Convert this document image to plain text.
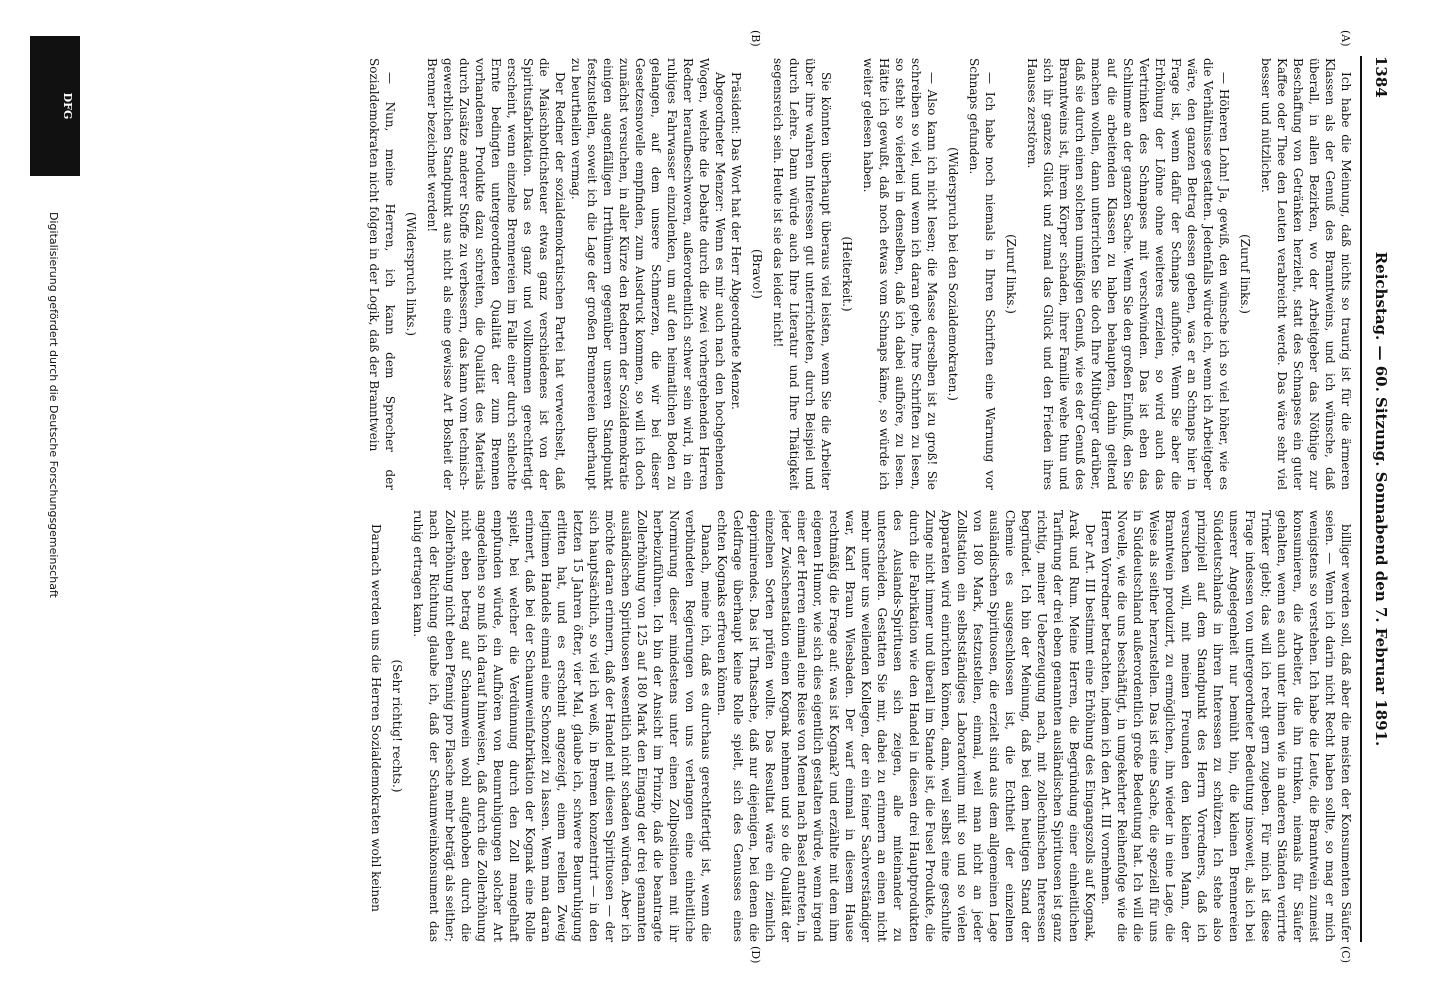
1384
Reichstag. — 60. Sitzung. Sonnabend den 7. Februar 1891.
(A)
(B)
(C)
(D)

Ich habe die Meinung, daß nichts so traurig ist für die ärmeren Klassen als der Genuß des Branntweins, und ich wünsche, daß überall, in allen Bezirken, wo der Arbeitgeber das Nöthige zur Beschaffung von Getränken herzieht, statt des Schnapses ein guter Kaffee oder Thee den Leuten verabreicht werde. Das wäre sehr viel besser und nützlicher.

(Zuruf links.)

— Höheren Lohn! Ja, gewiß, den wünsche ich so viel höher, wie es die Verhältnisse gestatten. Jedenfalls würde ich, wenn ich Arbeitgeber wäre, den ganzen Betrag dessen geben, was er an Schnaps hier in Frage ist, wenn dafür der Schnaps aufhörte. Wenn Sie aber die Erhöhung der Löhne ohne weiteres erzielen, so wird auch das Vertrinken des Schnapses mit verschwinden. Das ist eben das Schlimme an der ganzen Sache. Wenn Sie den großen Einfluß, den Sie auf die arbeitenden Klassen zu haben behaupten, dahin geltend machen wollen, dann unterrichten Sie doch Ihre Mitbürger darüber, daß sie durch einen solchen unmäßigen Genuß, wie es der Genuß des Branntweins ist, ihrem Körper schaden, ihrer Familie wehe thun und sich ihr ganzes Glück und zumal das Glück und den Frieden ihres Hauses zerstören.

(Zuruf links.)

— Ich habe noch niemals in Ihren Schriften eine Warnung vor Schnaps gefunden.

(Widerspruch bei den Sozialdemokraten.)

— Also kann ich nicht lesen; die Masse derselben ist zu groß! Sie schreiben so viel, und wenn ich daran gehe, Ihre Schriften zu lesen, so steht so vielerlei in denselben, daß ich dabei aufhöre, zu lesen. Hätte ich gewußt, daß noch etwas vom Schnaps käme, so würde ich weiter gelesen haben.

(Heiterkeit.)

Sie könnten überhaupt überaus viel leisten, wenn Sie die Arbeiter über ihre wahren Interessen gut unterrichteten, durch Beispiel und durch Lehre. Dann würde auch Ihre Literatur und Ihre Thätigkeit segensreich sein. Heute ist sie das leider nicht!

(Bravo!)

Präsident: Das Wort hat der Herr Abgeordnete Menzer.

Abgeordneter Menzer: Wenn es mir auch nach den hochgehenden Wogen, welche die Debatte durch die zwei vorhergehenden Herren Redner heraufbeschworen, außerordentlich schwer sein wird, in ein ruhiges Fahrwasser einzulenken, um auf den heimatlichen Boden zu gelangen, auf dem unsere Schmerzen, die wir bei dieser Gesetzesnovelle empfinden, zum Ausdruck kommen, so will ich doch zunächst versuchen, in aller Kürze den Rednern der Sozialdemokratie einigen augenfälligen Irrthümern gegenüber unseren Standpunkt festzustellen, soweit ich die Lage der großen Brennereien überhaupt zu beurtheilen vermag.

Der Redner der sozialdemokratischen Partei hat verwechselt, daß die Maischbottichsteuer etwas ganz verschiedenes ist von der Spiritusfabrikation. Das es ganz und vollkommen gerechtfertigt erscheint, wenn einzelne Brennereien im Falle einer durch schlechte Ernte bedingten untergeordneten Qualität der zum Brennen vorhandenen Produkte dazu schreiten, die Qualität des Materials durch Zusätze anderer Stoffe zu verbessern, das kann vom technisch-gewerblichen Standpunkt aus nicht als eine gewisse Art Bosheit der Brenner bezeichnet werden!

(Widerspruch links.)

— Nun, meine Herren, ich kann dem Sprecher der Sozialdemokraten nicht folgen in der Logik, daß der Branntwein

billiger werden soll, daß aber die meisten der Konsumenten Säufer seien. — Wenn ich darin nicht Recht haben sollte, so mag er mich wenigstens so verstehen. Ich habe die Leute, die Branntwein zumeist konsumieren, die Arbeiter, die ihn trinken, niemals für Säufer gehalten, wenn es auch unter ihnen wie in anderen Ständen verirrte Trinker giebt; das will ich recht gern zugeben. Für mich ist diese Frage indessen von untergeordneter Bedeutung insoweit, als ich bei unserer Angelegenheit nur bemüht bin, die kleinen Brennereien Süddeutschlands in ihren Interessen zu schützen. Ich stehe also prinzipiell auf dem Standpunkt des Herrn Vorredners, daß ich versuchen will, mit meinen Freunden den kleinen Mann, der Branntwein produzirt, zu ermöglichen, ihn wieder in eine Lage, die Weise als seither herzustellen. Das ist eine Sache, die speziell für uns in Süddeutschland außerordentlich große Bedeutung hat. Ich will die Novelle, wie die uns beschäftigt, in umgekehrter Reihenfolge wie die Herren Vorredner betrachten, indem ich den Art. III vornehmen.

Der Art. III bestimmt eine Erhöhung des Eingangszolls auf Kognak, Arak und Rum. Meine Herren, die Begründung einer einheitlichen Tarifirung der drei eben genannten ausländischen Spirituosen ist ganz richtig, meiner Ueberzeugung nach, mit zollechnischen Interessen begründet. Ich bin der Meinung, daß bei dem heutigen Stand der Chemie es ausgeschlossen ist, die Echtheit der einzelnen ausländischen Spirituosen, die erzielt sind aus dem allgemeinen Lage von 180 Mark, festzustellen, einmal, weil man nicht an jeder Zollstation ein selbstständiges Laboratorium mit so und so vielen Apparaten wird einrichten können, dann, weil selbst eine geschulte Zunge nicht immer und überall im Stande ist, die Fusel Produkte, die durch die Fabrikation wie den Handel in diesen drei Hauptprodukten des Auslands-Spiritusen sich zeigen, alle miteinander zu unterscheiden. Gestatten Sie mir, dabei zu erinnern an einen nicht mehr unter uns weilenden Kollegen, der ein feiner Sachverständiger war, Karl Braun Wiesbaden. Der warf einmal in diesem Hause rechtmäßig die Frage auf: was ist Kognak? und erzählte mit dem ihm eigenen Humor, wie sich dies eigentlich gestalten würde, wenn irgend einer der Herren einmal eine Reise von Memel nach Basel antreten, in jeder Zwischenstation einen Kognak nehmen und so die Qualität der einzelnen Sorten prüfen wollte. Das Resultat wäre ein ziemlich deprimirendes. Das ist Thatsache, daß nur diejenigen, bei denen die Geldfrage überhaupt keine Rolle spielt, sich des Genusses eines echten Kognaks erfreuen können.

Danach, meine ich, daß es durchaus gerechtfertigt ist, wenn die verbündeten Regierungen von uns verlangen eine einheitliche Normirung dieser mindestens unter einen Zollpositionen mit ihr herbeizuführen. Ich bin der Ansicht im Prinzip, daß die beantragte Zollerhöhung von 125 auf 180 Mark den Eingang der drei genannten ausländischen Spirituosen wesentlich nicht schaden würden. Aber ich möchte daran erinnern, daß der Handel mit diesen Spirituosen — der sich hauptsächlich, so viel ich weiß, in Bremen konzentrirt — in den letzten 15 Jahren öfter, vier Mal, glaube ich, schwere Beunruhigung erlitten hat, und es erscheint angezeigt, einem reellen Zweig legitimen Handels einmal eine Schonzeit zu lassen. Wenn man daran erinnert, daß bei der Schaumweinfabrikation der Kognak eine Rolle spielt, bei welcher die Verdünnung durch den Zoll mangelhaft empfunden würde, ein Aufhören von Beunruhigungen solcher Art angedeihen so muß ich darauf hinweisen, daß durch die Zollerhöhung nicht eben betrag auf Schaumwein wohl aufgehoben durch die Zollerhöhung nicht eben Pfennig pro Flasche mehr beträgt als seither; nach der Richtung glaube ich, daß der Schaumweinkonsument das ruhig ertragen kann.

(Sehr richtig! rechts.)

Darnach werden uns die Herren Sozialdemokraten wohl keinen

DFG
Digitalisierung gefördert durch die Deutsche Forschungsgemeinschaft
